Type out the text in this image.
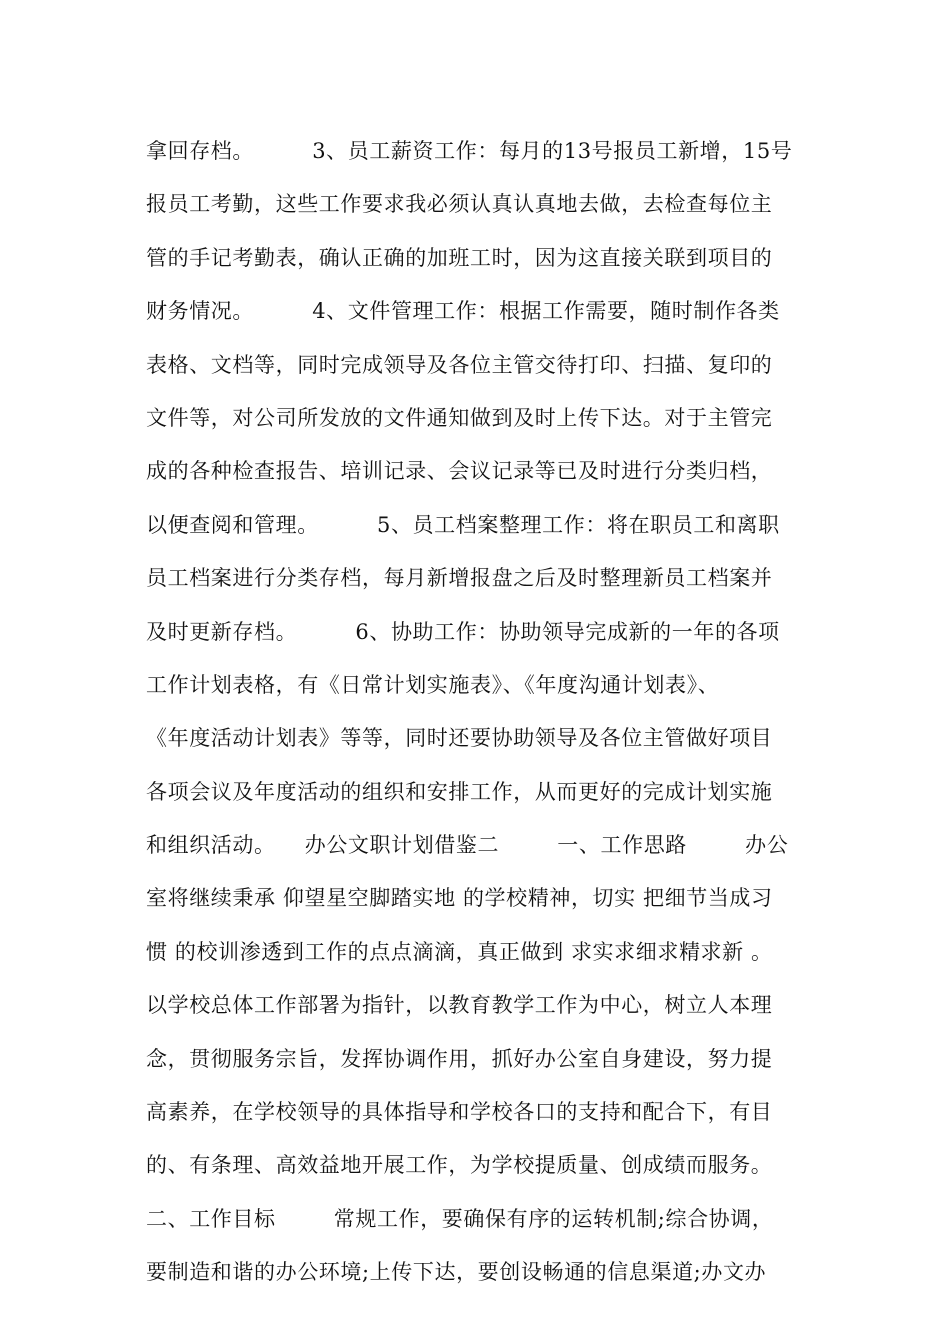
拿回存档。        3、员工薪资工作：每月的13号报员工新增，15号
报员工考勤，这些工作要求我必须认真认真地去做，去检查每位主
管的手记考勤表，确认正确的加班工时，因为这直接关联到项目的
财务情况。        4、文件管理工作：根据工作需要，随时制作各类
表格、文档等，同时完成领导及各位主管交待打印、扫描、复印的
文件等，对公司所发放的文件通知做到及时上传下达。对于主管完
成的各种检查报告、培训记录、会议记录等已及时进行分类归档，
以便查阅和管理。        5、员工档案整理工作：将在职员工和离职
员工档案进行分类存档，每月新增报盘之后及时整理新员工档案并
及时更新存档。        6、协助工作：协助领导完成新的一年的各项
工作计划表格，有《日常计划实施表》、《年度沟通计划表》、
《年度活动计划表》等等，同时还要协助领导及各位主管做好项目
各项会议及年度活动的组织和安排工作，从而更好的完成计划实施
和组织活动。    办公文职计划借鉴二        一、工作思路        办公
室将继续秉承 仰望星空脚踏实地 的学校精神，切实 把细节当成习
惯 的校训渗透到工作的点点滴滴，真正做到 求实求细求精求新 。
以学校总体工作部署为指针，以教育教学工作为中心，树立人本理
念，贯彻服务宗旨，发挥协调作用，抓好办公室自身建设，努力提
高素养，在学校领导的具体指导和学校各口的支持和配合下，有目
的、有条理、高效益地开展工作，为学校提质量、创成绩而服务。
二、工作目标        常规工作，要确保有序的运转机制;综合协调，
要制造和谐的办公环境;上传下达，要创设畅通的信息渠道;办文办
